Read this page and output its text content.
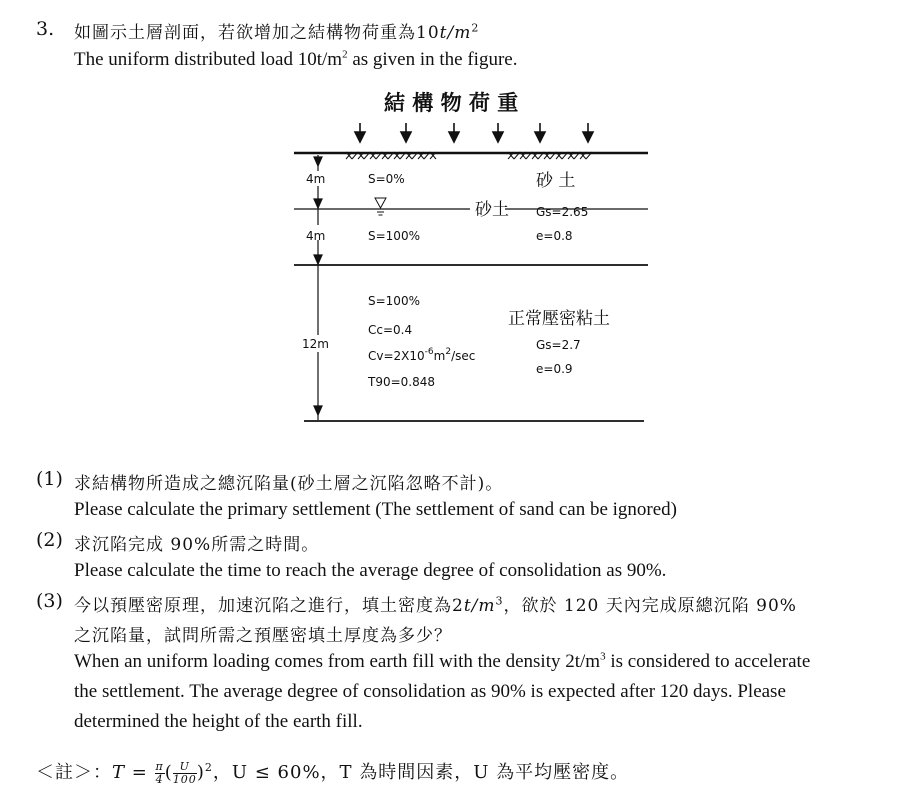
3. 如圖示土層剖面，若欲增加之結構物荷重為$10t/m^2$
The uniform distributed load $10t/m^2$ as given in the figure.
結 構 物 荷 重
4m	S=0%	砂 土
砂土 Gs=2.65
4m	S=100%	e=0.8
S=100%
正常壓密粘土
Cc=0.4
12m	Gs=2.7
$Cv=2X10^{-6}m^2/\sec$
e=0.9
T90=0.848
(1) 求結構物所造成之總沉陷量(砂土層之沉陷忽略不計)。
Please calculate the primary settlement (The settlement of sand can be ignored)
(2) 求沉陷完成 90%所需之時間。
Please calculate the time to reach the average degree of consolidation as 90%.
(3) 今以預壓密原理，加速沉陷之進行，填土密度為$2t/m^3$，欲於 120 天內完成原總沉陷 90%
之沉陷量，試問所需之預壓密填土厚度為多少？
When an uniform loading comes from earth fill with the density $2t/m^3$ is considered to accelerate
the settlement. The average degree of consolidation as 90% is expected after 120 days. Please
determined the height of the earth fill.
＜註＞：$T = \frac{\pi}{4}$ ( $\frac{U}{100} )^2$，U ≤ 60%，T 為時間因素，U 為平均壓密度。
